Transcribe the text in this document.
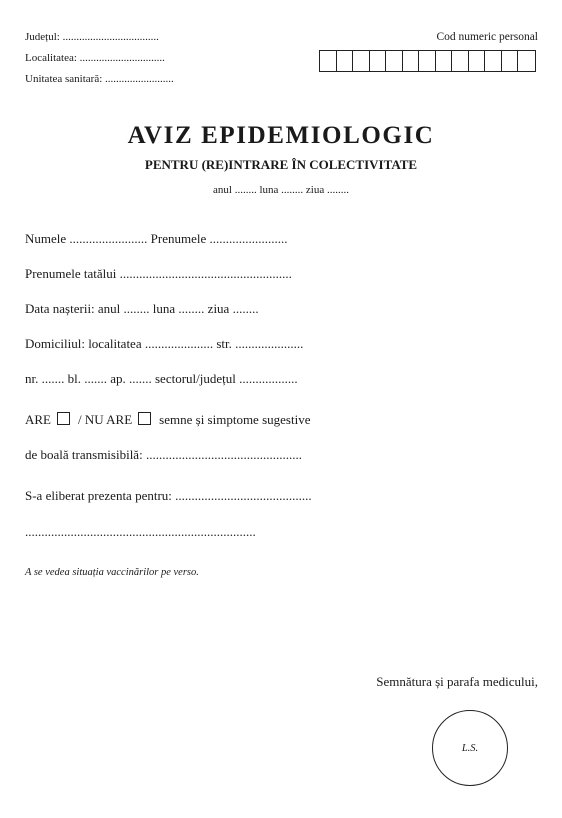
Județul: ...................................
Localitatea: ...............................
Unitatea sanitară: .........................
Cod numeric personal
AVIZ EPIDEMIOLOGIC
PENTRU (RE)INTRARE ÎN COLECTIVITATE
anul ........ luna ........ ziua ........
Numele ........................ Prenumele ........................
Prenumele tatălui .....................................................
Data nașterii: anul ........ luna ........ ziua ........
Domiciliul: localitatea ..................... str. .....................
nr. ....... bl. ....... ap. ....... sectorul/județul ..................
ARE / NU ARE semne și simptome sugestive
de boală transmisibilă: ................................................
S-a eliberat prezenta pentru: ..........................................
.......................................................................
A se vedea situația vaccinărilor pe verso.
Semnătura și parafa medicului,
L.S.
